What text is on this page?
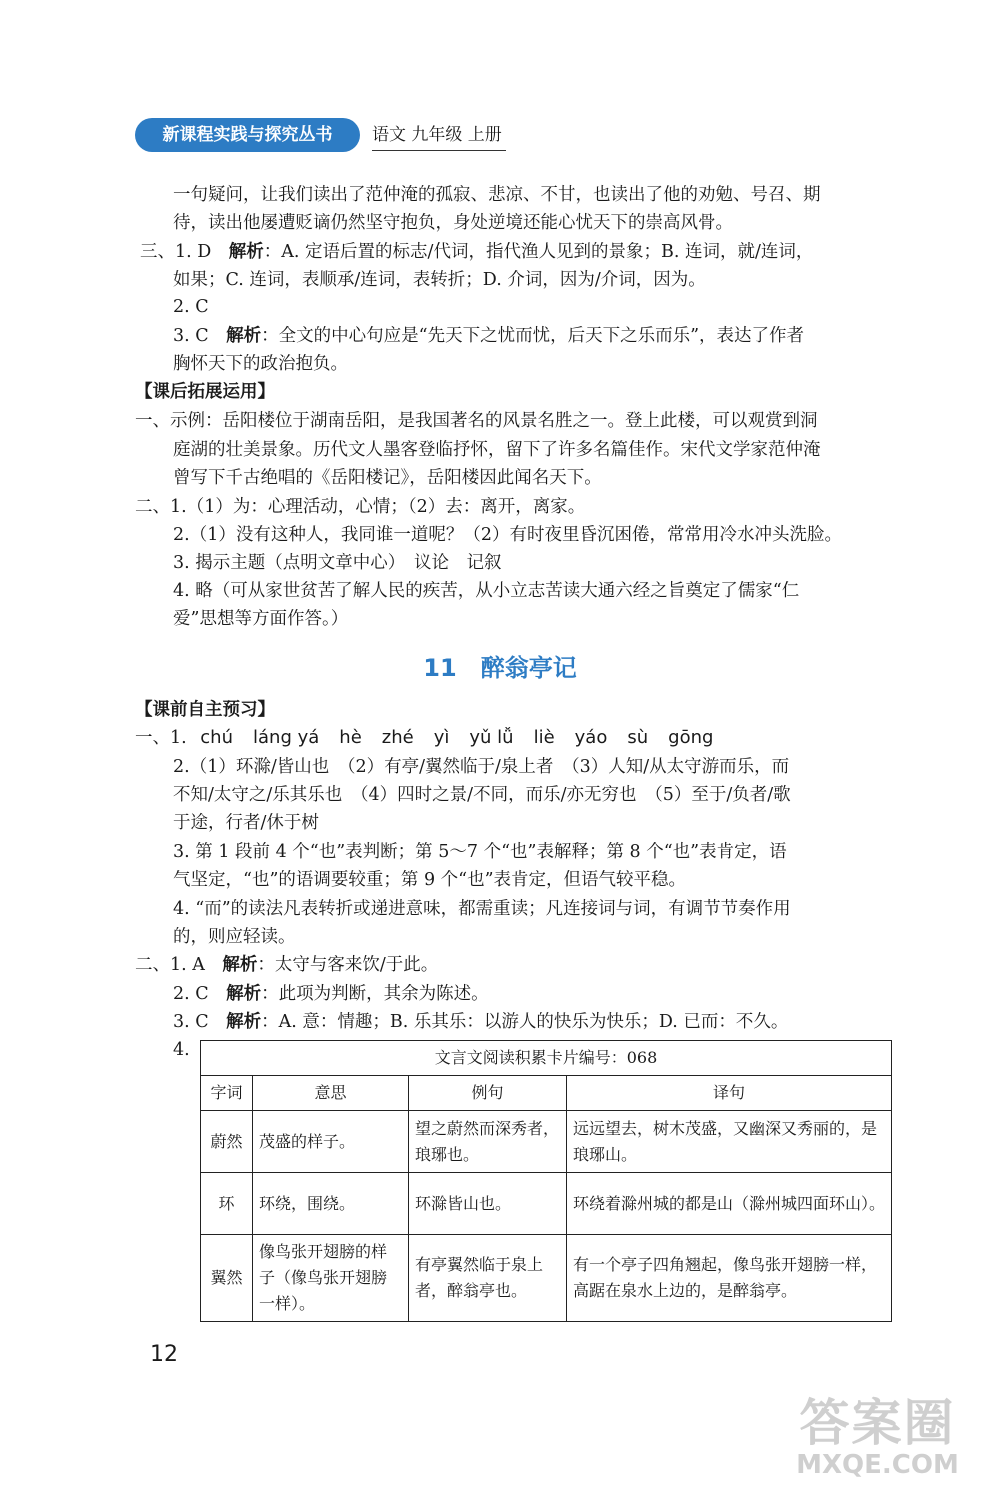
新课程实践与探究丛书	语文 九年级 上册
一句疑问，让我们读出了范仲淹的孤寂、悲凉、不甘，也读出了他的劝勉、号召、期
待，读出他屡遭贬谪仍然坚守抱负，身处逆境还能心忧天下的崇高风骨。
三、1. D　解析：A. 定语后置的标志/代词，指代渔人见到的景象；B. 连词，就/连词，
如果；C. 连词，表顺承/连词，表转折；D. 介词，因为/介词，因为。
2. C
3. C　解析：全文的中心句应是“先天下之忧而忧，后天下之乐而乐”，表达了作者
胸怀天下的政治抱负。
【课后拓展运用】
一、示例：岳阳楼位于湖南岳阳，是我国著名的风景名胜之一。登上此楼，可以观赏到洞
庭湖的壮美景象。历代文人墨客登临抒怀，留下了许多名篇佳作。宋代文学家范仲淹
曾写下千古绝唱的《岳阳楼记》，岳阳楼因此闻名天下。
二、1.（1）为：心理活动，心情；（2）去：离开，离家。
2.（1）没有这种人，我同谁一道呢？（2）有时夜里昏沉困倦，常常用冷水冲头洗脸。
3. 揭示主题（点明文章中心）　议论　记叙
4. 略（可从家世贫苦了解人民的疾苦，从小立志苦读大通六经之旨奠定了儒家“仁
爱”思想等方面作答。）
11 醉翁亭记
【课前自主预习】
一、1. chú láng yá hè zhé yì yǔ lǚ liè yáo sù gōng
2.（1）环滁/皆山也　（2）有亭/翼然临于/泉上者　（3）人知/从太守游而乐，而
不知/太守之/乐其乐也　（4）四时之景/不同，而乐/亦无穷也　（5）至于/负者/歌
于途，行者/休于树
3. 第 1 段前 4 个“也”表判断；第 5～7 个“也”表解释；第 8 个“也”表肯定，语
气坚定，“也”的语调要较重；第 9 个“也”表肯定，但语气较平稳。
4. “而”的读法凡表转折或递进意味，都需重读；凡连接词与词，有调节节奏作用
的，则应轻读。
二、1. A　解析：太守与客来饮/于此。
2. C　解析：此项为判断，其余为陈述。
3. C　解析：A. 意：情趣；B. 乐其乐：以游人的快乐为快乐；D. 已而：不久。
4.	文言文阅读积累卡片编号：068			
字词	意思	例句	译句
蔚然	茂盛的样子。	望之蔚然而深秀者，琅琊也。	远远望去，树木茂盛，又幽深又秀丽的，是琅琊山。
环	环绕，围绕。	环滁皆山也。	环绕着滁州城的都是山（滁州城四面环山）。
翼然	像鸟张开翅膀的样子（像鸟张开翅膀一样）。	有亭翼然临于泉上者，醉翁亭也。	有一个亭子四角翘起，像鸟张开翅膀一样，高踞在泉水上边的，是醉翁亭。
12
答案圈
MXQE.COM
